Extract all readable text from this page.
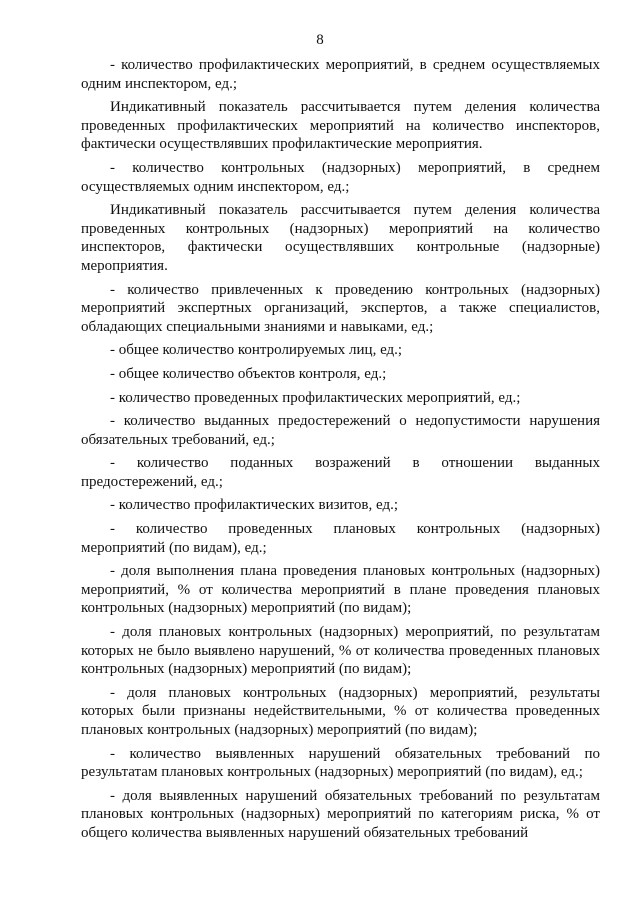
8

- количество профилактических мероприятий, в среднем осуществляемых одним инспектором, ед.;

Индикативный показатель рассчитывается путем деления количества проведенных профилактических мероприятий на количество инспекторов, фактически осуществлявших профилактические мероприятия.

- количество контрольных (надзорных) мероприятий, в среднем осуществляемых одним инспектором, ед.;

Индикативный показатель рассчитывается путем деления количества проведенных контрольных (надзорных) мероприятий на количество инспекторов, фактически осуществлявших контрольные (надзорные) мероприятия.

- количество привлеченных к проведению контрольных (надзорных) мероприятий экспертных организаций, экспертов, а также специалистов, обладающих специальными знаниями и навыками, ед.;

- общее количество контролируемых лиц, ед.;

- общее количество объектов контроля, ед.;

- количество проведенных профилактических мероприятий, ед.;

- количество выданных предостережений о недопустимости нарушения обязательных требований, ед.;

- количество поданных возражений в отношении выданных предостережений, ед.;

- количество профилактических визитов, ед.;

- количество проведенных плановых контрольных (надзорных) мероприятий (по видам), ед.;

- доля выполнения плана проведения плановых контрольных (надзорных) мероприятий, % от количества мероприятий в плане проведения плановых контрольных (надзорных) мероприятий (по видам);

- доля плановых контрольных (надзорных) мероприятий, по результатам которых не было выявлено нарушений, % от количества проведенных плановых контрольных (надзорных) мероприятий (по видам);

- доля плановых контрольных (надзорных) мероприятий, результаты которых были признаны недействительными, % от количества проведенных плановых контрольных (надзорных) мероприятий (по видам);

- количество выявленных нарушений обязательных требований по результатам плановых контрольных (надзорных) мероприятий (по видам), ед.;

- доля выявленных нарушений обязательных требований по результатам плановых контрольных (надзорных) мероприятий по категориям риска, % от общего количества выявленных нарушений обязательных требований
